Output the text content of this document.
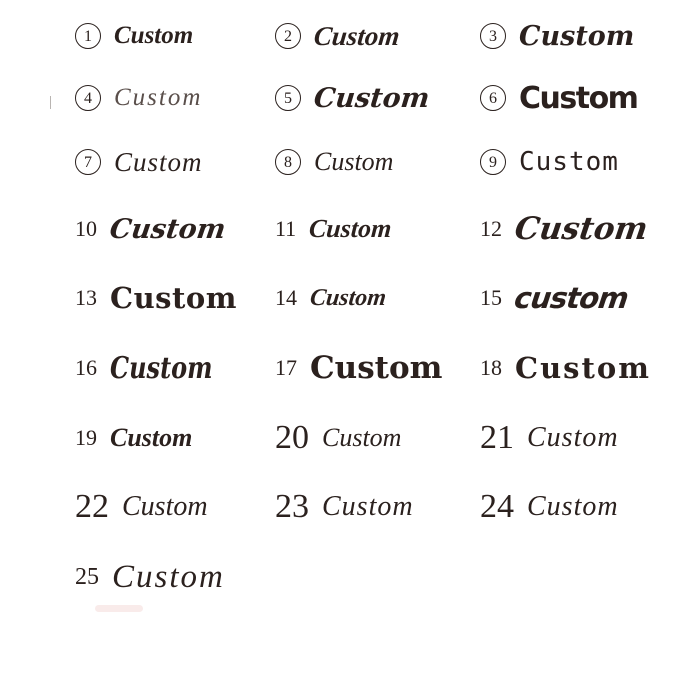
1 Custom	2 Custom	3 Custom
4 Custom	5 Custom	6 Custom
7 Custom	8 Custom	9 Custom
10 Custom 11 Custom	12 Custom
13 Custom 14 Custom	15 custom
16 Custom	17 Custom 18 Custom
19 Custom 20 Custom 21 Custom
22 Custom 23 Custom 24 Custom
25 Custom
